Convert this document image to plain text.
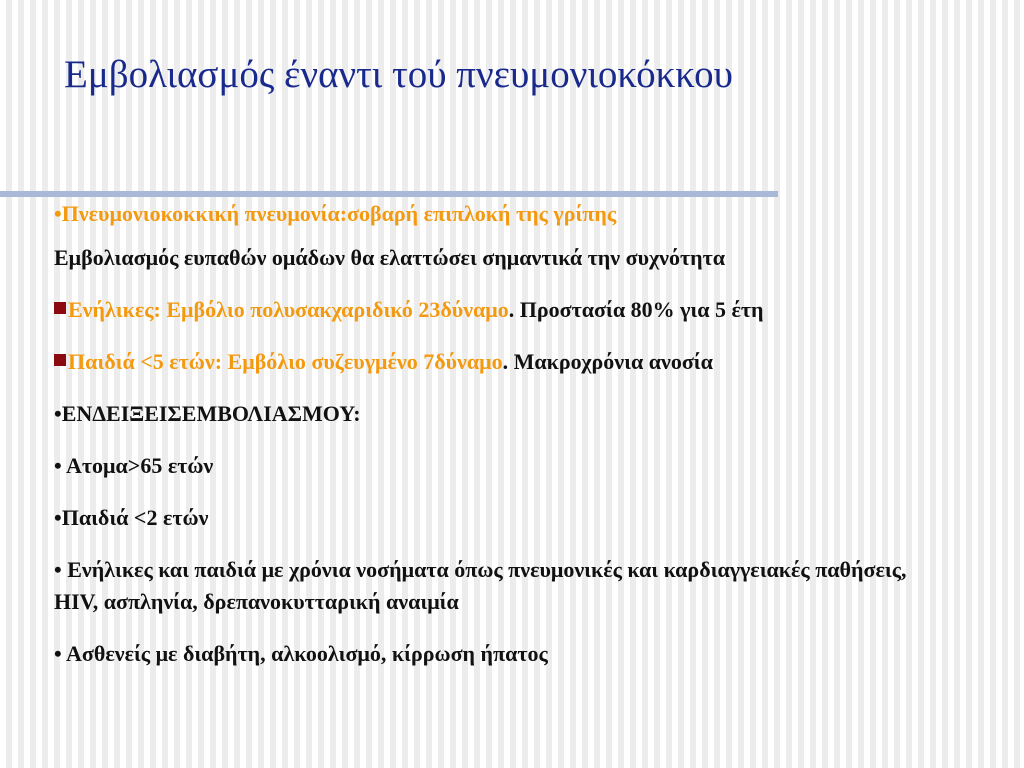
Εμβολιασμός έναντι τού πνευμονιοκόκκου

•Πνευμονιοκοκκική πνευμονία:σοβαρή επιπλοκή της γρίπης

Εμβολιασμός ευπαθών ομάδων θα ελαττώσει σημαντικά την συχνότητα

Ενήλικες: Εμβόλιο πολυσακχαριδικό 23δύναμο. Προστασία 80% για 5 έτη

Παιδιά <5 ετών: Εμβόλιο συζευγμένο 7δύναμο. Μακροχρόνια ανοσία

•ΕΝΔΕΙΞΕΙΣΕΜΒΟΛΙΑΣΜΟΥ:

• Ατομα>65 ετών

•Παιδιά <2 ετών

• Ενήλικες και παιδιά με χρόνια νοσήματα όπως πνευμονικές και καρδιαγγειακές παθήσεις, HIV, ασπληνία, δρεπανοκυτταρική αναιμία

• Ασθενείς με διαβήτη, αλκοολισμό, κίρρωση ήπατος
